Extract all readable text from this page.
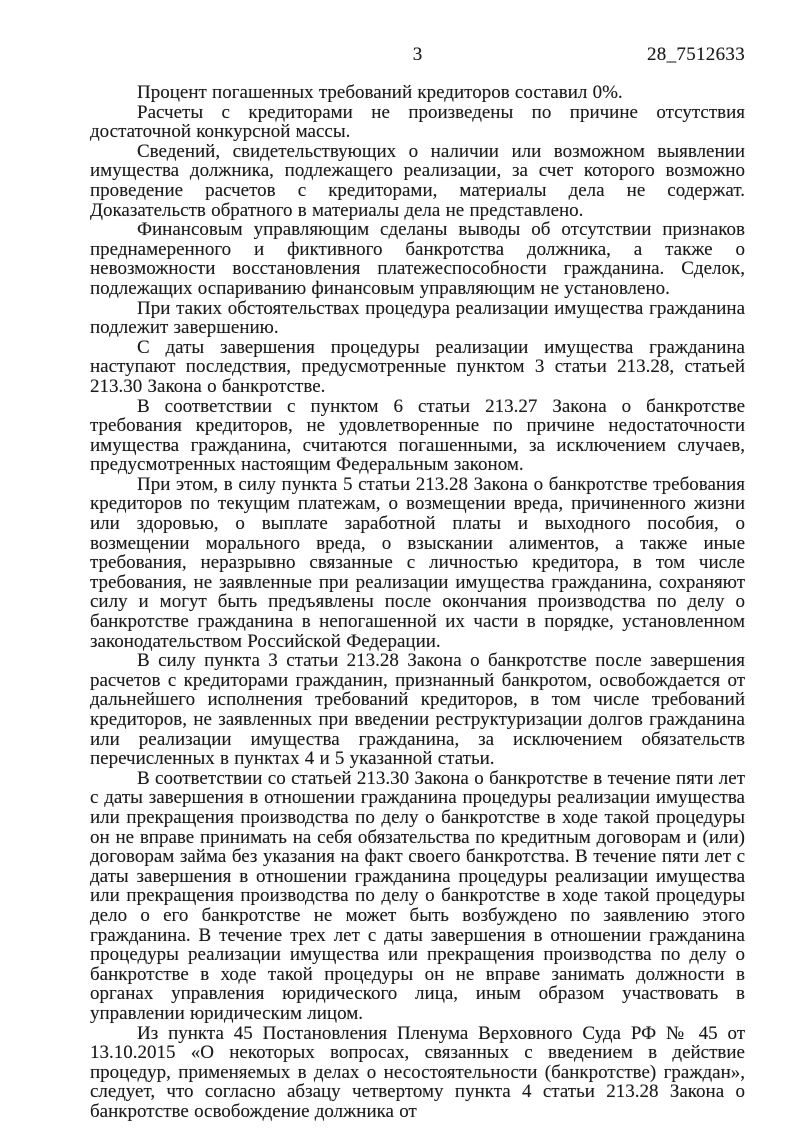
3	28_7512633

Процент погашенных требований кредиторов составил 0%.

Расчеты с кредиторами не произведены по причине отсутствия достаточной конкурсной массы.

Сведений, свидетельствующих о наличии или возможном выявлении имущества должника, подлежащего реализации, за счет которого возможно проведение расчетов с кредиторами, материалы дела не содержат. Доказательств обратного в материалы дела не представлено.

Финансовым управляющим сделаны выводы об отсутствии признаков преднамеренного и фиктивного банкротства должника, а также о невозможности восстановления платежеспособности гражданина. Сделок, подлежащих оспариванию финансовым управляющим не установлено.

При таких обстоятельствах процедура реализации имущества гражданина подлежит завершению.

С даты завершения процедуры реализации имущества гражданина наступают последствия, предусмотренные пунктом 3 статьи 213.28, статьей 213.30 Закона о банкротстве.

В соответствии с пунктом 6 статьи 213.27 Закона о банкротстве требования кредиторов, не удовлетворенные по причине недостаточности имущества гражданина, считаются погашенными, за исключением случаев, предусмотренных настоящим Федеральным законом.

При этом, в силу пункта 5 статьи 213.28 Закона о банкротстве требования кредиторов по текущим платежам, о возмещении вреда, причиненного жизни или здоровью, о выплате заработной платы и выходного пособия, о возмещении морального вреда, о взыскании алиментов, а также иные требования, неразрывно связанные с личностью кредитора, в том числе требования, не заявленные при реализации имущества гражданина, сохраняют силу и могут быть предъявлены после окончания производства по делу о банкротстве гражданина в непогашенной их части в порядке, установленном законодательством Российской Федерации.

В силу пункта 3 статьи 213.28 Закона о банкротстве после завершения расчетов с кредиторами гражданин, признанный банкротом, освобождается от дальнейшего исполнения требований кредиторов, в том числе требований кредиторов, не заявленных при введении реструктуризации долгов гражданина или реализации имущества гражданина, за исключением обязательств перечисленных в пунктах 4 и 5 указанной статьи.

В соответствии со статьей 213.30 Закона о банкротстве в течение пяти лет с даты завершения в отношении гражданина процедуры реализации имущества или прекращения производства по делу о банкротстве в ходе такой процедуры он не вправе принимать на себя обязательства по кредитным договорам и (или) договорам займа без указания на факт своего банкротства. В течение пяти лет с даты завершения в отношении гражданина процедуры реализации имущества или прекращения производства по делу о банкротстве в ходе такой процедуры дело о его банкротстве не может быть возбуждено по заявлению этого гражданина. В течение трех лет с даты завершения в отношении гражданина процедуры реализации имущества или прекращения производства по делу о банкротстве в ходе такой процедуры он не вправе занимать должности в органах управления юридического лица, иным образом участвовать в управлении юридическим лицом.

Из пункта 45 Постановления Пленума Верховного Суда РФ № 45 от 13.10.2015 «О некоторых вопросах, связанных с введением в действие процедур, применяемых в делах о несостоятельности (банкротстве) граждан», следует, что согласно абзацу четвертому пункта 4 статьи 213.28 Закона о банкротстве освобождение должника от
